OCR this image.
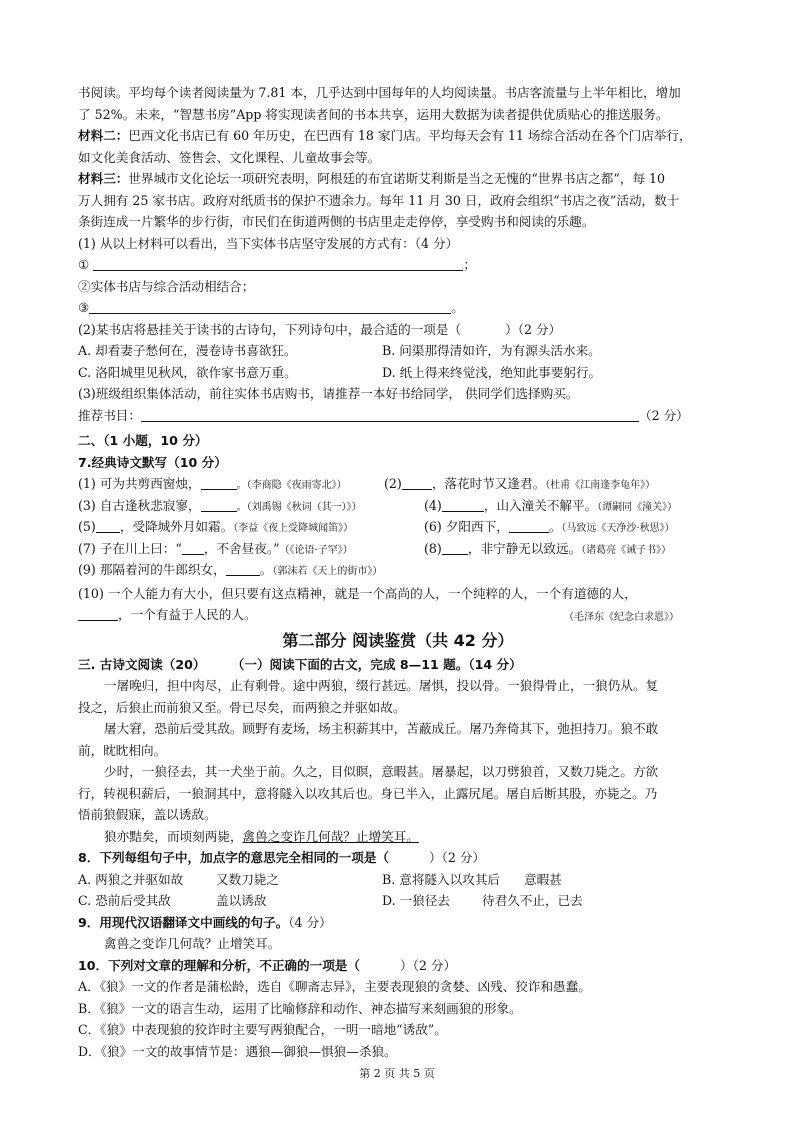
书阅读。平均每个读者阅读量为 7.81 本，几乎达到中国每年的人均阅读量。书店客流量与上半年相比，增加
了 52%。未来，“智慧书房”App 将实现读者间的书本共享，运用大数据为读者提供优质贴心的推送服务。
材料二：巴西文化书店已有 60 年历史，在巴西有 18 家门店。平均每天会有 11 场综合活动在各个门店举行，
如文化美食活动、签售会、文化课程、儿童故事会等。
材料三：世界城市文化论坛一项研究表明，阿根廷的布宜诺斯艾利斯是当之无愧的“世界书店之都”，每 10
万人拥有 25 家书店。政府对纸质书的保护不遗余力。每年 11 月 30 日，政府会组织“书店之夜”活动，数十
条街连成一片繁华的步行街，市民们在街道两侧的书店里走走停停，享受购书和阅读的乐趣。
(1) 从以上材料可以看出，当下实体书店坚守发展的方式有：（4 分）
①	；
②实体书店与综合活动相结合；
③	。
(2)某书店将悬挂关于读书的古诗句，下列诗句中，最合适的一项是（	）（2 分）
A. 却看妻子愁何在，漫卷诗书喜欲狂。	B. 问渠那得清如许，为有源头活水来。
C. 洛阳城里见秋风，欲作家书意万重。	D. 纸上得来终觉浅，绝知此事要躬行。
(3)班级组织集体活动，前往实体书店购书，请推荐一本好书给同学， 供同学们选择购买。
推荐书目：	（2 分）
二、（1 小题，10 分）
7.经典诗文默写（10 分）
(1) 可为共剪西窗烛，	。（李商隐《夜雨寄北》）	(2) ，落花时节又逢君。（杜甫《江南逢李龟年》）
(3) 自古逢秋悲寂寥，	。（刘禹锡《秋词（其一）》）	(4)	，山入潼关不解平。（谭嗣同《潼关》）
(5) ，受降城外月如霜。（李益《夜上受降城闻笛》）	(6) 夕阳西下，	。（马致远《天净沙·秋思》）
(7) 子在川上曰：“ ，不舍昼夜。”（《论语·子罕》）	(8) ，非宁静无以致远。（诸葛亮《诫子书》）
(9) 那隔着河的牛郎织女，	。（郭沫若《天上的街市》）
(10) 一个人能力有大小，但只要有这点精神，就是一个高尚的人，一个纯粹的人，一个有道德的人，
，一个有益于人民的人。	（毛泽东《纪念白求恩》）
第二部分 阅读鉴赏（共 42 分）
三. 古诗文阅读（20） （一）阅读下面的古文，完成 8—11 题。（14 分）
一屠晚归，担中肉尽，止有剩骨。途中两狼，缀行甚远。屠惧，投以骨。一狼得骨止，一狼仍从。复
投之，后狼止而前狼又至。骨已尽矣，而两狼之并驱如故。
屠大窘，恐前后受其敌。顾野有麦场，场主积薪其中，苫蔽成丘。屠乃奔倚其下，弛担持刀。狼不敢
前，眈眈相向。
少时，一狼径去，其一犬坐于前。久之，目似瞑，意暇甚。屠暴起，以刀劈狼首，又数刀毙之。方欲
行，转视积薪后，一狼洞其中，意将隧入以攻其后也。身已半入，止露尻尾。屠自后断其股，亦毙之。乃
悟前狼假寐，盖以诱敌。
狼亦黠矣，而顷刻两毙，禽兽之变诈几何哉？止增笑耳。
8．下列每组句子中，加点字的意思完全相同的一项是（	）（2 分）
A. 两狼之并驱如故	又数刀毙之	B. 意将隧入以攻其后 意暇甚
C. 恐前后受其敌	盖以诱敌	D. 一狼径去	待君久不止，已去
9．用现代汉语翻译文中画线的句子。（4 分）
禽兽之变诈几何哉？止增笑耳。
10．下列对文章的理解和分析，不正确的一项是（	）（2 分）
A．《狼》一文的作者是蒲松龄，选自《聊斋志异》，主要表现狼的贪婪、凶残、狡诈和愚蠢。
B．《狼》一文的语言生动，运用了比喻修辞和动作、神态描写来刻画狼的形象。
C．《狼》中表现狼的狡诈时主要写两狼配合，一明一暗地“诱敌”。
D．《狼》一文的故事情节是：遇狼—御狼—惧狼—杀狼。
第 2 页 共 5 页
